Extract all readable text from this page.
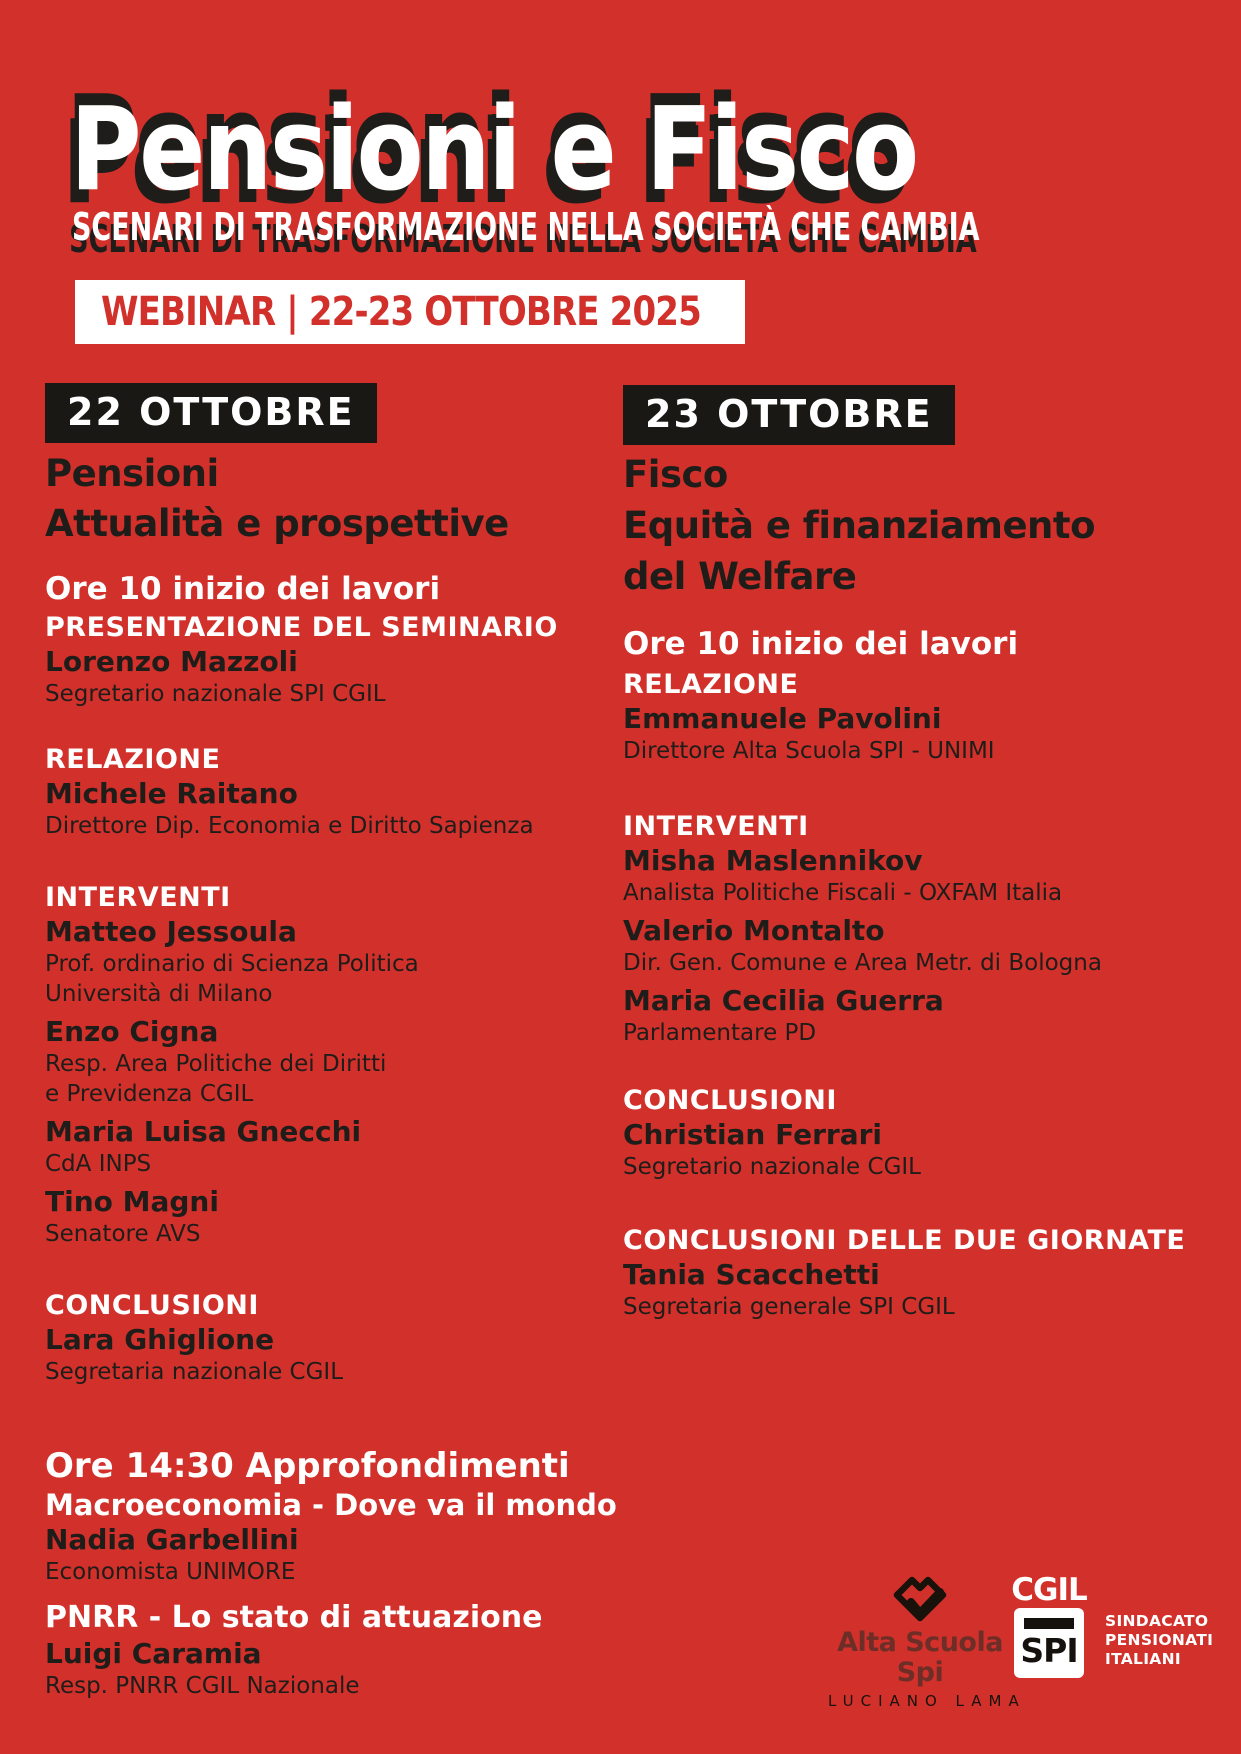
Pensioni e Fisco
SCENARI DI TRASFORMAZIONE NELLA SOCIETÀ CHE CAMBIA
WEBINAR | 22-23 OTTOBRE 2025
22 OTTOBRE
Pensioni
Attualità e prospettive
Ore 10 inizio dei lavori
PRESENTAZIONE DEL SEMINARIO
Lorenzo Mazzoli
Segretario nazionale SPI CGIL
RELAZIONE
Michele Raitano
Direttore Dip. Economia e Diritto Sapienza
INTERVENTI
Matteo Jessoula
Prof. ordinario di Scienza Politica
Università di Milano
Enzo Cigna
Resp. Area Politiche dei Diritti
e Previdenza CGIL
Maria Luisa Gnecchi
CdA INPS
Tino Magni
Senatore AVS
CONCLUSIONI
Lara Ghiglione
Segretaria nazionale CGIL
Ore 14:30 Approfondimenti
Macroeconomia - Dove va il mondo
Nadia Garbellini
Economista UNIMORE
PNRR - Lo stato di attuazione
Luigi Caramia
Resp. PNRR CGIL Nazionale
23 OTTOBRE
Fisco
Equità e finanziamento
del Welfare
Ore 10 inizio dei lavori
RELAZIONE
Emmanuele Pavolini
Direttore Alta Scuola SPI - UNIMI
INTERVENTI
Misha Maslennikov
Analista Politiche Fiscali - OXFAM Italia
Valerio Montalto
Dir. Gen. Comune e Area Metr. di Bologna
Maria Cecilia Guerra
Parlamentare PD
CONCLUSIONI
Christian Ferrari
Segretario nazionale CGIL
CONCLUSIONI DELLE DUE GIORNATE
Tania Scacchetti
Segretaria generale SPI CGIL
Alta Scuola Spi
LUCIANO LAMA
CGIL
SPI
SINDACATO
PENSIONATI
ITALIANI
